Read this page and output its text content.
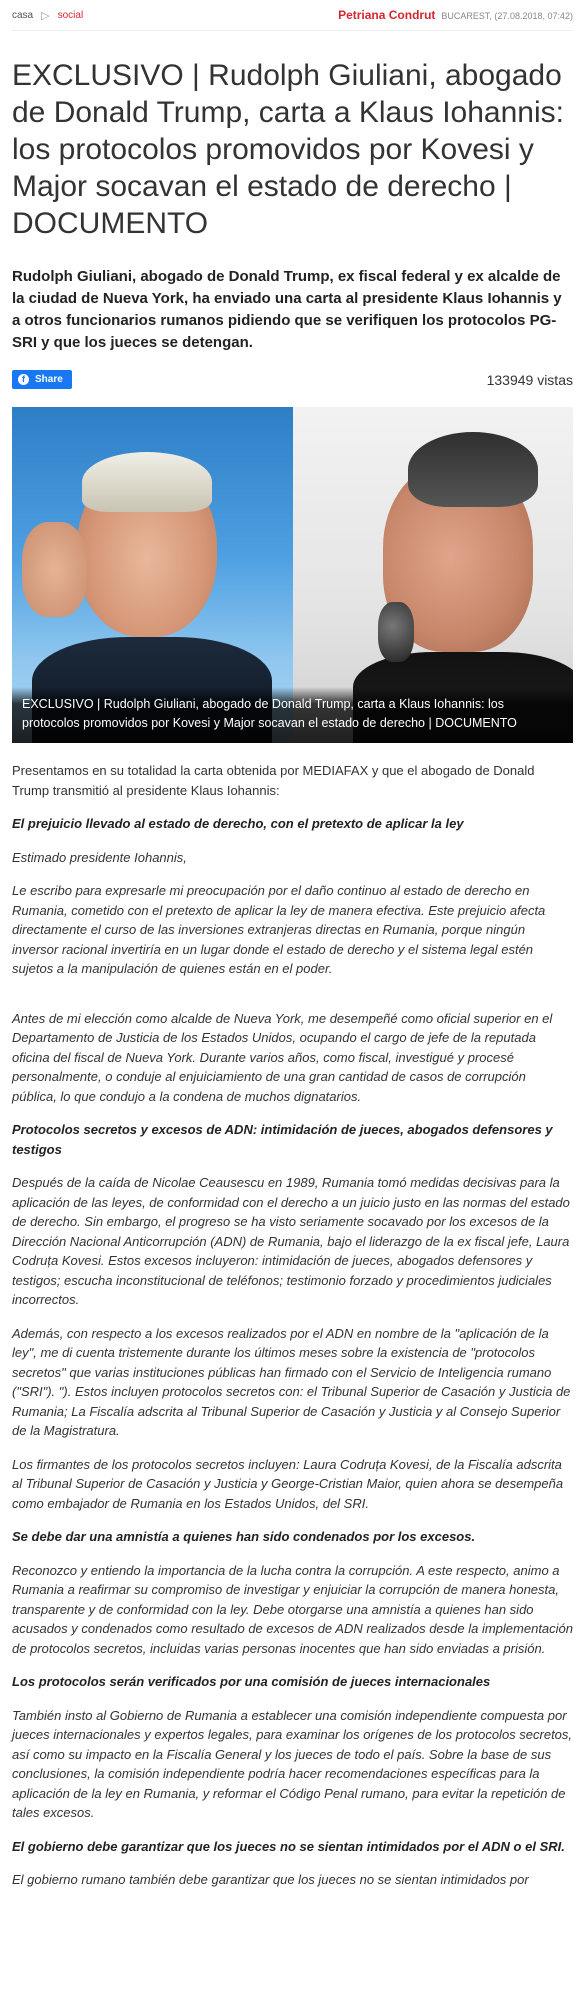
casa ▷ social	Petriana Condrut BUCAREST, (27.08.2018, 07:42)
EXCLUSIVO | Rudolph Giuliani, abogado de Donald Trump, carta a Klaus Iohannis: los protocolos promovidos por Kovesi y Major socavan el estado de derecho | DOCUMENTO

Rudolph Giuliani, abogado de Donald Trump, ex fiscal federal y ex alcalde de la ciudad de Nueva York, ha enviado una carta al presidente Klaus Iohannis y a otros funcionarios rumanos pidiendo que se verifiquen los protocolos PG-SRI y que los jueces se detengan.

f	Share	133949 vistas
EXCLUSIVO | Rudolph Giuliani, abogado de Donald Trump, carta a Klaus Iohannis: los protocolos promovidos por Kovesi y Major socavan el estado de derecho | DOCUMENTO

Presentamos en su totalidad la carta obtenida por MEDIAFAX y que el abogado de Donald Trump transmitió al presidente Klaus Iohannis:

El prejuicio llevado al estado de derecho, con el pretexto de aplicar la ley

Estimado presidente Iohannis,

Le escribo para expresarle mi preocupación por el daño continuo al estado de derecho en Rumania, cometido con el pretexto de aplicar la ley de manera efectiva. Este prejuicio afecta directamente el curso de las inversiones extranjeras directas en Rumania, porque ningún inversor racional invertiría en un lugar donde el estado de derecho y el sistema legal estén sujetos a la manipulación de quienes están en el poder.

Antes de mi elección como alcalde de Nueva York, me desempeñé como oficial superior en el Departamento de Justicia de los Estados Unidos, ocupando el cargo de jefe de la reputada oficina del fiscal de Nueva York. Durante varios años, como fiscal, investigué y procesé personalmente, o conduje al enjuiciamiento de una gran cantidad de casos de corrupción pública, lo que condujo a la condena de muchos dignatarios.

Protocolos secretos y excesos de ADN: intimidación de jueces, abogados defensores y testigos

Después de la caída de Nicolae Ceausescu en 1989, Rumania tomó medidas decisivas para la aplicación de las leyes, de conformidad con el derecho a un juicio justo en las normas del estado de derecho. Sin embargo, el progreso se ha visto seriamente socavado por los excesos de la Dirección Nacional Anticorrupción (ADN) de Rumania, bajo el liderazgo de la ex fiscal jefe, Laura Codruța Kovesi. Estos excesos incluyeron: intimidación de jueces, abogados defensores y testigos; escucha inconstitucional de teléfonos; testimonio forzado y procedimientos judiciales incorrectos.

Además, con respecto a los excesos realizados por el ADN en nombre de la "aplicación de la ley", me di cuenta tristemente durante los últimos meses sobre la existencia de "protocolos secretos" que varias instituciones públicas han firmado con el Servicio de Inteligencia rumano ("SRI"). "). Estos incluyen protocolos secretos con: el Tribunal Superior de Casación y Justicia de Rumania; La Fiscalía adscrita al Tribunal Superior de Casación y Justicia y al Consejo Superior de la Magistratura.

Los firmantes de los protocolos secretos incluyen: Laura Codruța Kovesi, de la Fiscalía adscrita al Tribunal Superior de Casación y Justicia y George-Cristian Maior, quien ahora se desempeña como embajador de Rumania en los Estados Unidos, del SRI.

Se debe dar una amnistía a quienes han sido condenados por los excesos.

Reconozco y entiendo la importancia de la lucha contra la corrupción. A este respecto, animo a Rumania a reafirmar su compromiso de investigar y enjuiciar la corrupción de manera honesta, transparente y de conformidad con la ley. Debe otorgarse una amnistía a quienes han sido acusados y condenados como resultado de excesos de ADN realizados desde la implementación de protocolos secretos, incluidas varias personas inocentes que han sido enviadas a prisión.

Los protocolos serán verificados por una comisión de jueces internacionales

También insto al Gobierno de Rumania a establecer una comisión independiente compuesta por jueces internacionales y expertos legales, para examinar los orígenes de los protocolos secretos, así como su impacto en la Fiscalía General y los jueces de todo el país. Sobre la base de sus conclusiones, la comisión independiente podría hacer recomendaciones específicas para la aplicación de la ley en Rumania, y reformar el Código Penal rumano, para evitar la repetición de tales excesos.

El gobierno debe garantizar que los jueces no se sientan intimidados por el ADN o el SRI.

El gobierno rumano también debe garantizar que los jueces no se sientan intimidados por
